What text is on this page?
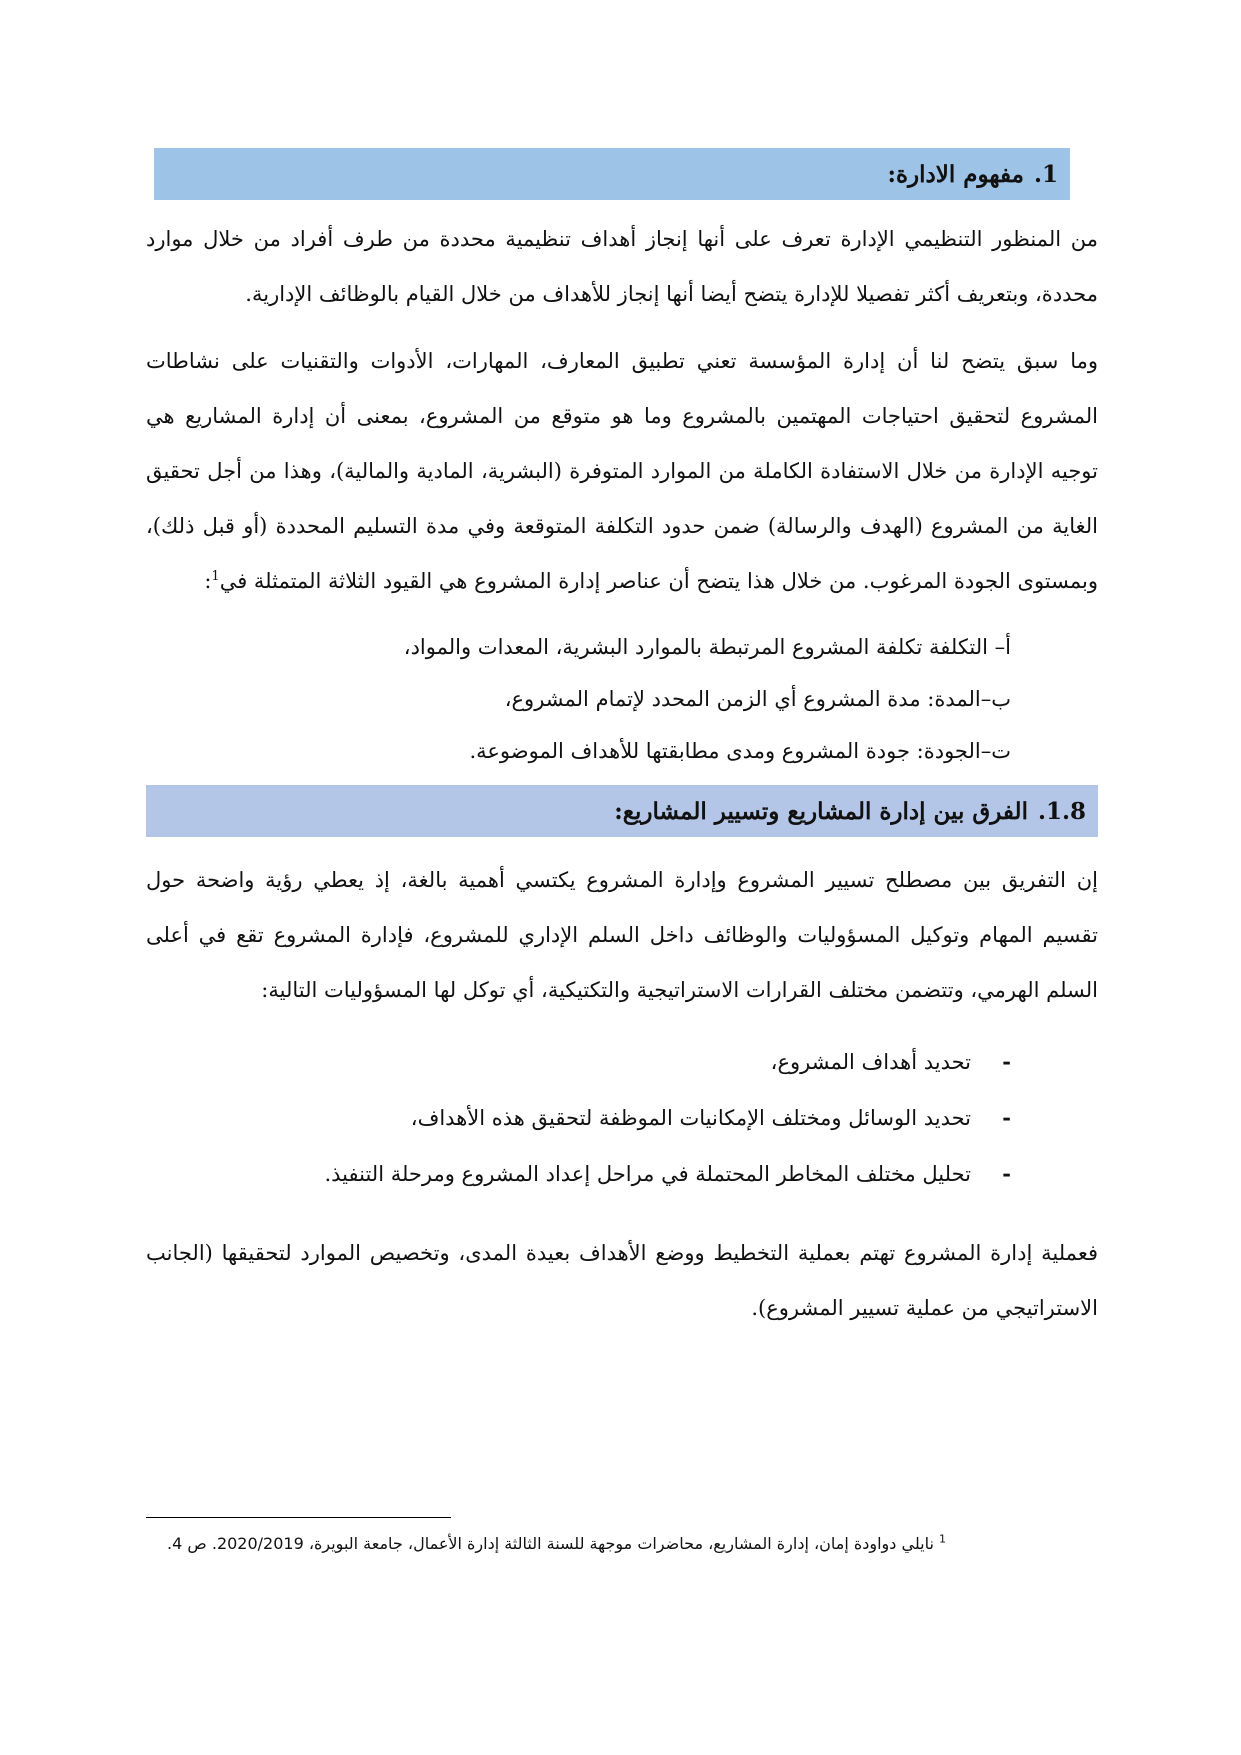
1.
مفهوم الادارة:

من المنظور التنظيمي الإدارة تعرف على أنها إنجاز أهداف تنظيمية محددة من طرف أفراد من خلال موارد محددة، وبتعريف أكثر تفصيلا للإدارة يتضح أيضا أنها إنجاز للأهداف من خلال القيام بالوظائف الإدارية.

وما سبق يتضح لنا أن إدارة المؤسسة تعني تطبيق المعارف، المهارات، الأدوات والتقنيات على نشاطات المشروع لتحقيق احتياجات المهتمين بالمشروع وما هو متوقع من المشروع، بمعنى أن إدارة المشاريع هي توجيه الإدارة من خلال الاستفادة الكاملة من الموارد المتوفرة (البشرية، المادية والمالية)، وهذا من أجل تحقيق الغاية من المشروع (الهدف والرسالة) ضمن حدود التكلفة المتوقعة وفي مدة التسليم المحددة (أو قبل ذلك)، وبمستوى الجودة المرغوب. من خلال هذا يتضح أن عناصر إدارة المشروع هي القيود الثلاثة المتمثلة في$^1$:

أ– التكلفة تكلفة المشروع المرتبطة بالموارد البشرية، المعدات والمواد،
ب–المدة: مدة المشروع أي الزمن المحدد لإتمام المشروع،
ت–الجودة: جودة المشروع ومدى مطابقتها للأهداف الموضوعة.
1.8.
الفرق بين إدارة المشاريع وتسيير المشاريع:

إن التفريق بين مصطلح تسيير المشروع وإدارة المشروع يكتسي أهمية بالغة، إذ يعطي رؤية واضحة حول تقسيم المهام وتوكيل المسؤوليات والوظائف داخل السلم الإداري للمشروع، فإدارة المشروع تقع في أعلى السلم الهرمي، وتتضمن مختلف القرارات الاستراتيجية والتكتيكية، أي توكل لها المسؤوليات التالية:

-
تحديد أهداف المشروع،
-
تحديد الوسائل ومختلف الإمكانيات الموظفة لتحقيق هذه الأهداف،
-
تحليل مختلف المخاطر المحتملة في مراحل إعداد المشروع ومرحلة التنفيذ.

فعملية إدارة المشروع تهتم بعملية التخطيط ووضع الأهداف بعيدة المدى، وتخصيص الموارد لتحقيقها (الجانب الاستراتيجي من عملية تسيير المشروع).

$^1$ نايلي دواودة إمان، إدارة المشاريع، محاضرات موجهة للسنة الثالثة إدارة الأعمال، جامعة البويرة، 2020/2019. ص 4.
